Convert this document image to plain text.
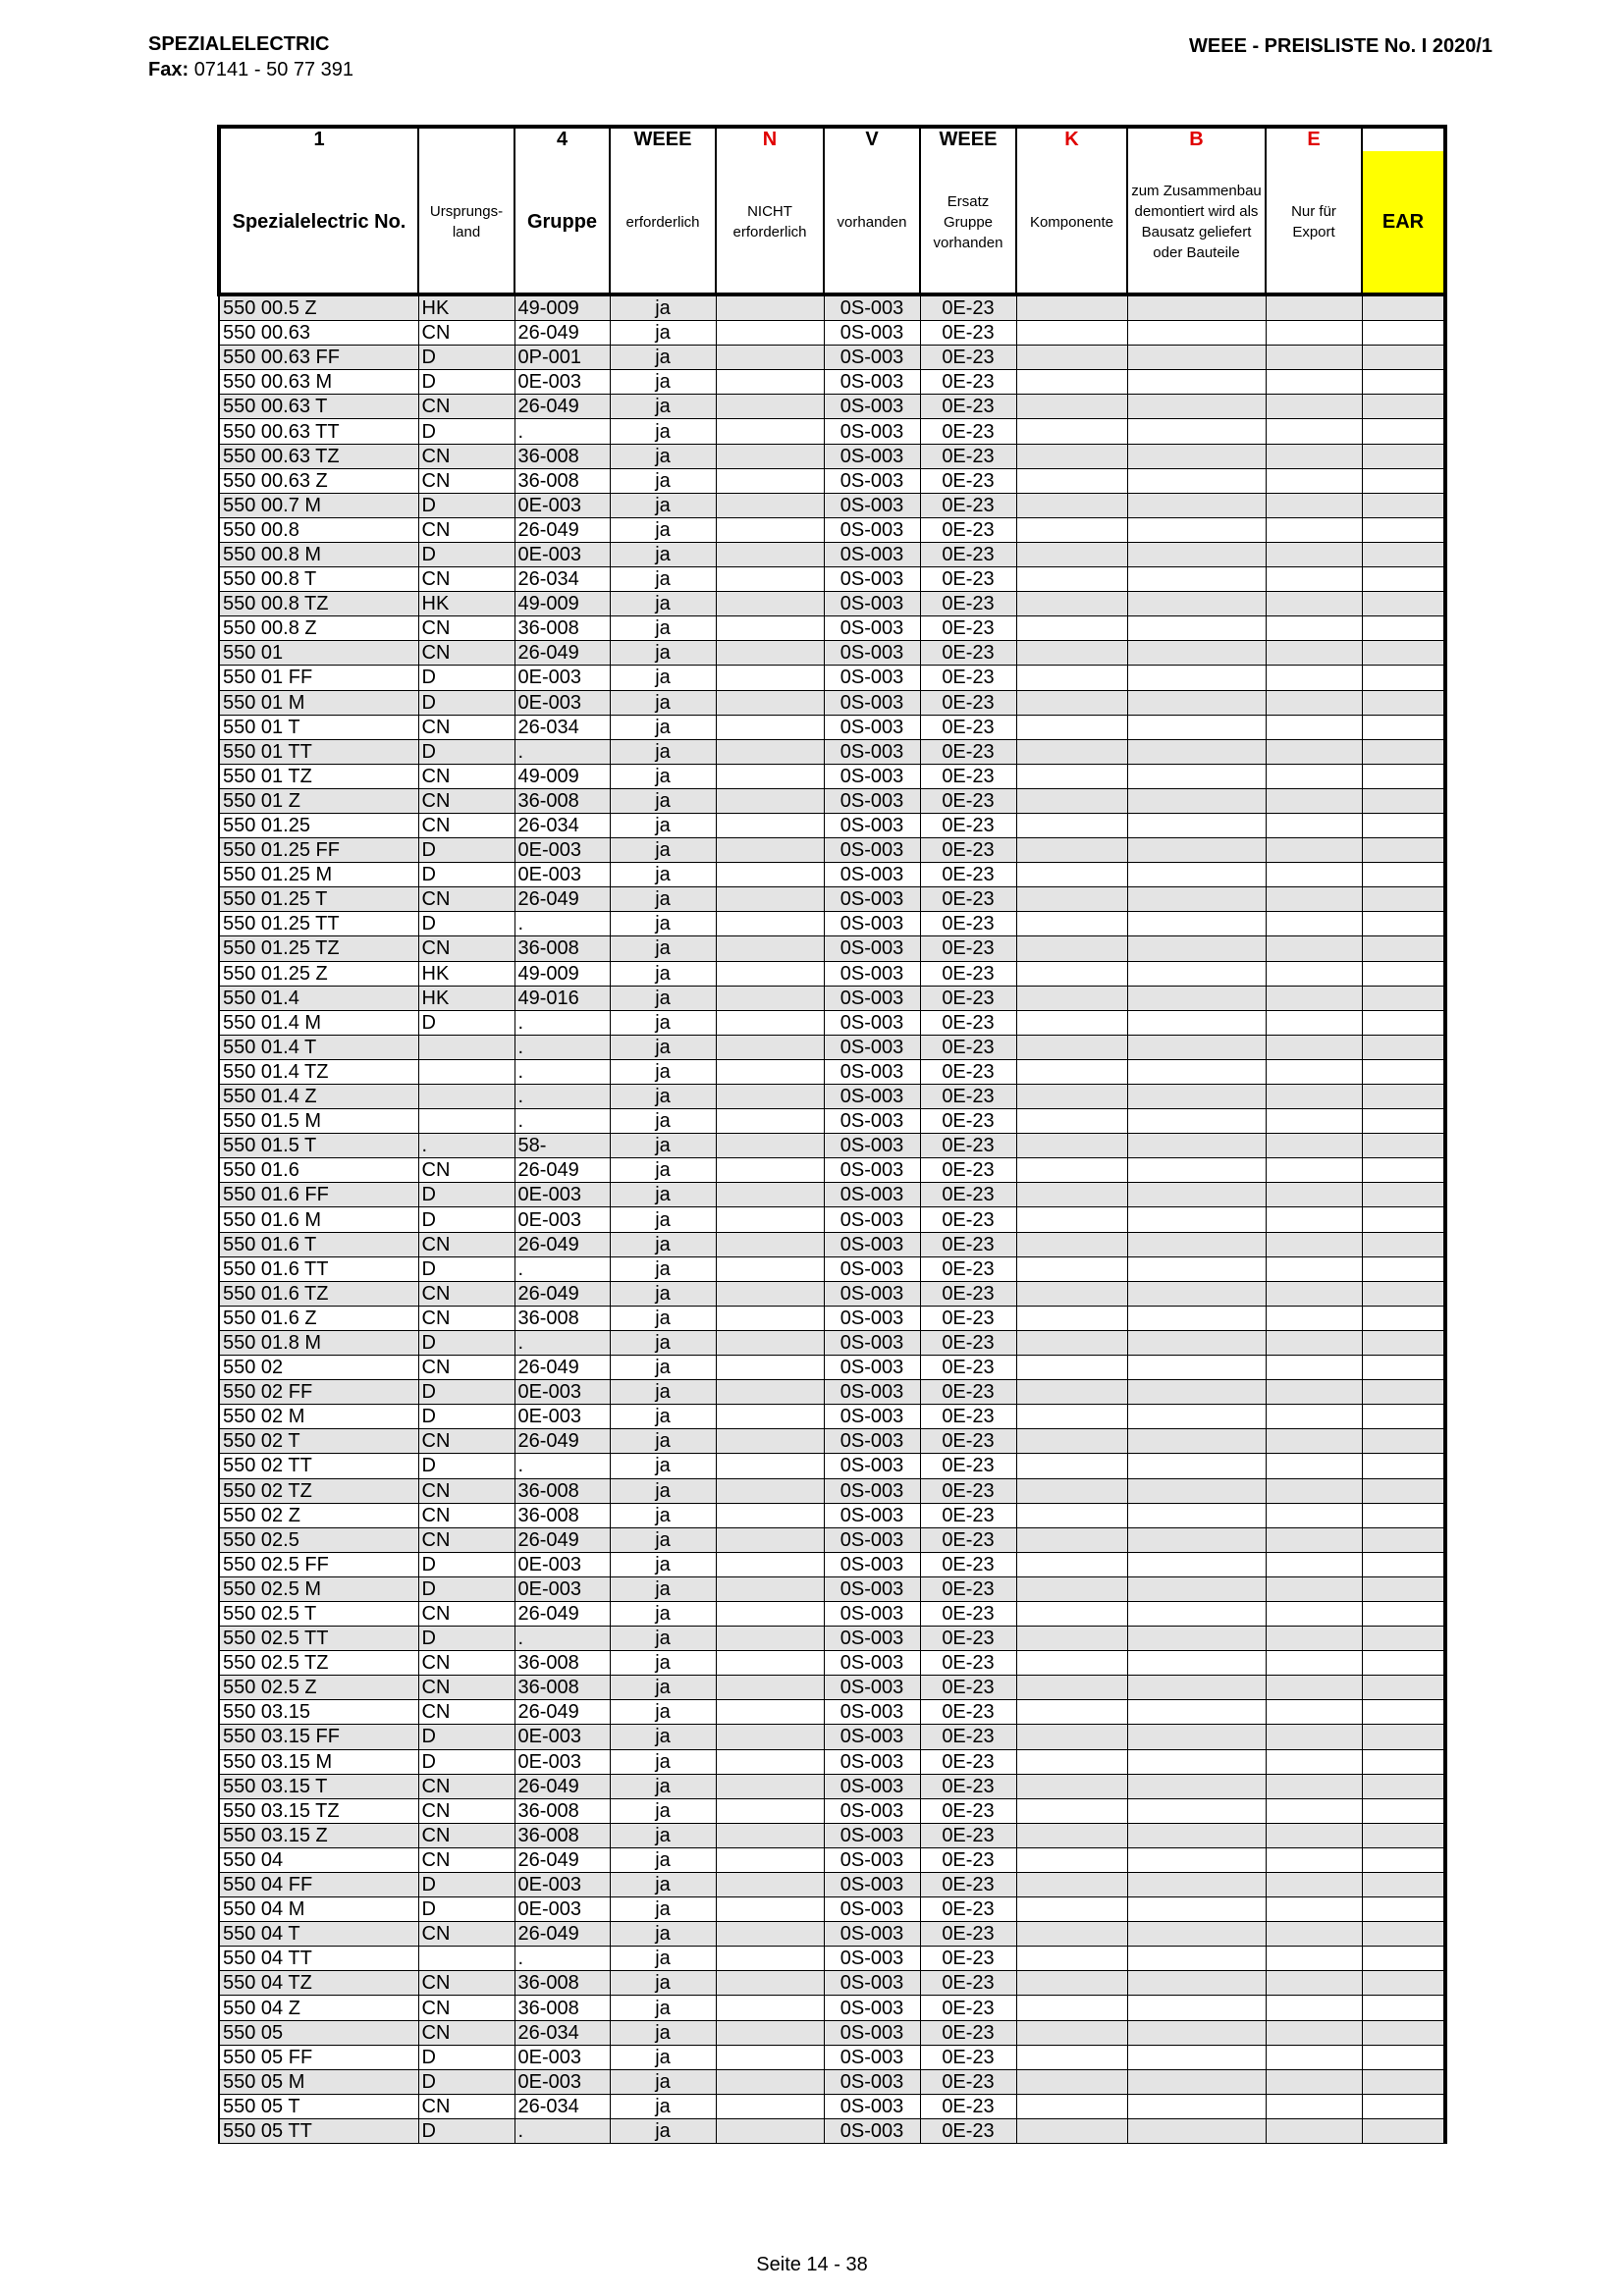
SPEZIALELECTRIC
Fax: 07141 - 50 77 391
WEEE - PREISLISTE No. I 2020/1
1		4	WEEE	N	V	WEEE	K	B	E	
Spezialelectric No.	Ursprungs- land	Gruppe	erforderlich	NICHT erforderlich	vorhanden	Ersatz Gruppe vorhanden	Komponente	zum Zusammenbau demontiert wird als Bausatz geliefert oder Bauteile	Nur für Export	EAR
550 00.5 Z	HK	49-009	ja		0S-003	0E-23				
550 00.63	CN	26-049	ja		0S-003	0E-23				
550 00.63 FF	D	0P-001	ja		0S-003	0E-23				
550 00.63 M	D	0E-003	ja		0S-003	0E-23				
550 00.63 T	CN	26-049	ja		0S-003	0E-23				
550 00.63 TT	D	.	ja		0S-003	0E-23				
550 00.63 TZ	CN	36-008	ja		0S-003	0E-23				
550 00.63 Z	CN	36-008	ja		0S-003	0E-23				
550 00.7 M	D	0E-003	ja		0S-003	0E-23				
550 00.8	CN	26-049	ja		0S-003	0E-23				
550 00.8 M	D	0E-003	ja		0S-003	0E-23				
550 00.8 T	CN	26-034	ja		0S-003	0E-23				
550 00.8 TZ	HK	49-009	ja		0S-003	0E-23				
550 00.8 Z	CN	36-008	ja		0S-003	0E-23				
550 01	CN	26-049	ja		0S-003	0E-23				
550 01 FF	D	0E-003	ja		0S-003	0E-23				
550 01 M	D	0E-003	ja		0S-003	0E-23				
550 01 T	CN	26-034	ja		0S-003	0E-23				
550 01 TT	D	.	ja		0S-003	0E-23				
550 01 TZ	CN	49-009	ja		0S-003	0E-23				
550 01 Z	CN	36-008	ja		0S-003	0E-23				
550 01.25	CN	26-034	ja		0S-003	0E-23				
550 01.25 FF	D	0E-003	ja		0S-003	0E-23				
550 01.25 M	D	0E-003	ja		0S-003	0E-23				
550 01.25 T	CN	26-049	ja		0S-003	0E-23				
550 01.25 TT	D	.	ja		0S-003	0E-23				
550 01.25 TZ	CN	36-008	ja		0S-003	0E-23				
550 01.25 Z	HK	49-009	ja		0S-003	0E-23				
550 01.4	HK	49-016	ja		0S-003	0E-23				
550 01.4 M	D	.	ja		0S-003	0E-23				
550 01.4 T		.	ja		0S-003	0E-23				
550 01.4 TZ		.	ja		0S-003	0E-23				
550 01.4 Z		.	ja		0S-003	0E-23				
550 01.5 M		.	ja		0S-003	0E-23				
550 01.5 T	.	58-	ja		0S-003	0E-23				
550 01.6	CN	26-049	ja		0S-003	0E-23				
550 01.6 FF	D	0E-003	ja		0S-003	0E-23				
550 01.6 M	D	0E-003	ja		0S-003	0E-23				
550 01.6 T	CN	26-049	ja		0S-003	0E-23				
550 01.6 TT	D	.	ja		0S-003	0E-23				
550 01.6 TZ	CN	26-049	ja		0S-003	0E-23				
550 01.6 Z	CN	36-008	ja		0S-003	0E-23				
550 01.8 M	D	.	ja		0S-003	0E-23				
550 02	CN	26-049	ja		0S-003	0E-23				
550 02 FF	D	0E-003	ja		0S-003	0E-23				
550 02 M	D	0E-003	ja		0S-003	0E-23				
550 02 T	CN	26-049	ja		0S-003	0E-23				
550 02 TT	D	.	ja		0S-003	0E-23				
550 02 TZ	CN	36-008	ja		0S-003	0E-23				
550 02 Z	CN	36-008	ja		0S-003	0E-23				
550 02.5	CN	26-049	ja		0S-003	0E-23				
550 02.5 FF	D	0E-003	ja		0S-003	0E-23				
550 02.5 M	D	0E-003	ja		0S-003	0E-23				
550 02.5 T	CN	26-049	ja		0S-003	0E-23				
550 02.5 TT	D	.	ja		0S-003	0E-23				
550 02.5 TZ	CN	36-008	ja		0S-003	0E-23				
550 02.5 Z	CN	36-008	ja		0S-003	0E-23				
550 03.15	CN	26-049	ja		0S-003	0E-23				
550 03.15 FF	D	0E-003	ja		0S-003	0E-23				
550 03.15 M	D	0E-003	ja		0S-003	0E-23				
550 03.15 T	CN	26-049	ja		0S-003	0E-23				
550 03.15 TZ	CN	36-008	ja		0S-003	0E-23				
550 03.15 Z	CN	36-008	ja		0S-003	0E-23				
550 04	CN	26-049	ja		0S-003	0E-23				
550 04 FF	D	0E-003	ja		0S-003	0E-23				
550 04 M	D	0E-003	ja		0S-003	0E-23				
550 04 T	CN	26-049	ja		0S-003	0E-23				
550 04 TT		.	ja		0S-003	0E-23				
550 04 TZ	CN	36-008	ja		0S-003	0E-23				
550 04 Z	CN	36-008	ja		0S-003	0E-23				
550 05	CN	26-034	ja		0S-003	0E-23				
550 05 FF	D	0E-003	ja		0S-003	0E-23				
550 05 M	D	0E-003	ja		0S-003	0E-23				
550 05 T	CN	26-034	ja		0S-003	0E-23				
550 05 TT	D	.	ja		0S-003	0E-23				
Seite 14 - 38
